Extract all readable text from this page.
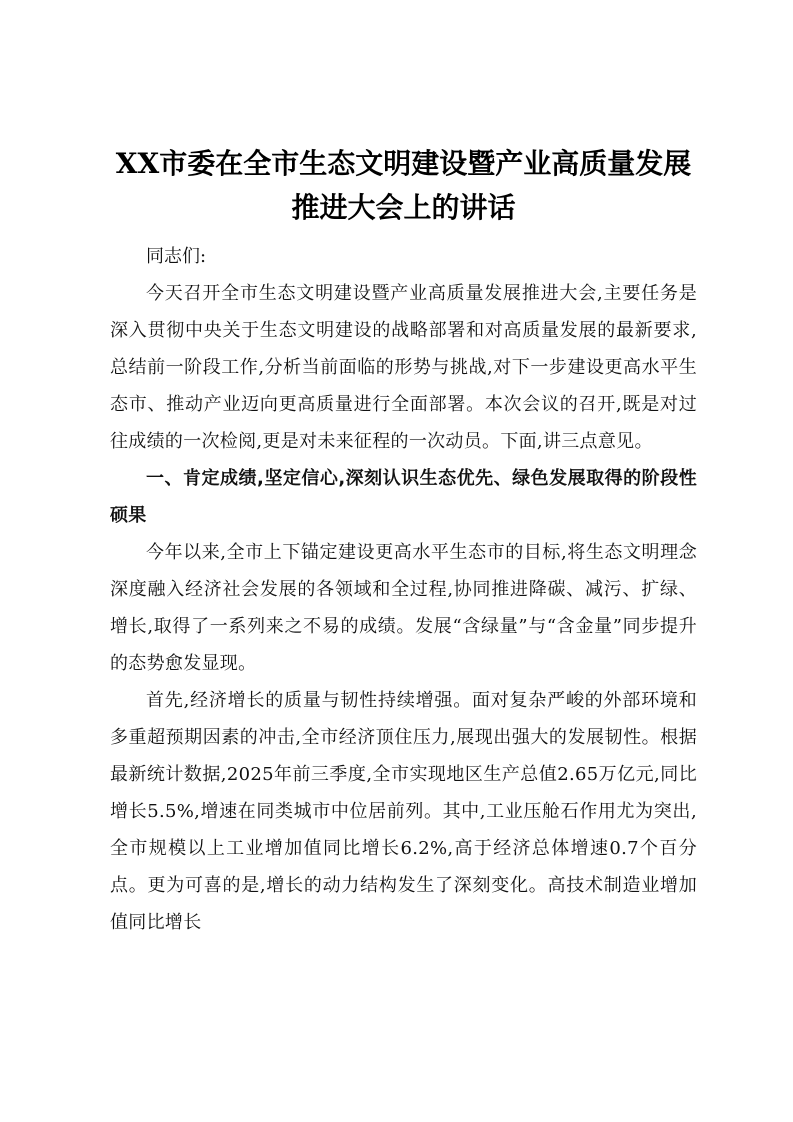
XX市委在全市生态文明建设暨产业高质量发展推进大会上的讲话

同志们:

今天召开全市生态文明建设暨产业高质量发展推进大会,主要任务是深入贯彻中央关于生态文明建设的战略部署和对高质量发展的最新要求,总结前一阶段工作,分析当前面临的形势与挑战,对下一步建设更高水平生态市、推动产业迈向更高质量进行全面部署。本次会议的召开,既是对过往成绩的一次检阅,更是对未来征程的一次动员。下面,讲三点意见。

一、肯定成绩,坚定信心,深刻认识生态优先、绿色发展取得的阶段性硕果

今年以来,全市上下锚定建设更高水平生态市的目标,将生态文明理念深度融入经济社会发展的各领域和全过程,协同推进降碳、减污、扩绿、增长,取得了一系列来之不易的成绩。发展“含绿量”与“含金量”同步提升的态势愈发显现。

首先,经济增长的质量与韧性持续增强。面对复杂严峻的外部环境和多重超预期因素的冲击,全市经济顶住压力,展现出强大的发展韧性。根据最新统计数据,2025年前三季度,全市实现地区生产总值2.65万亿元,同比增长5.5%,增速在同类城市中位居前列。其中,工业压舱石作用尤为突出,全市规模以上工业增加值同比增长6.2%,高于经济总体增速0.7个百分点。更为可喜的是,增长的动力结构发生了深刻变化。高技术制造业增加值同比增长
